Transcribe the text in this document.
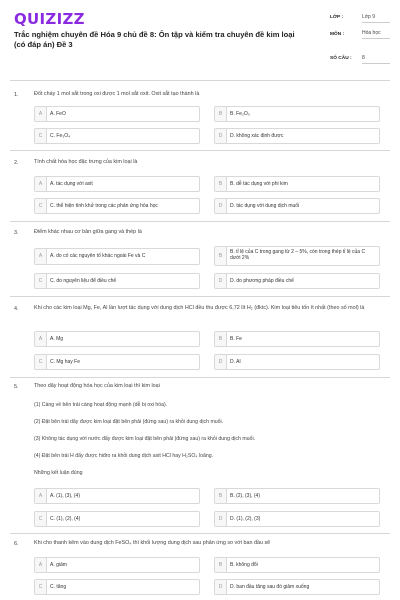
QUIZIZZ
Trắc nghiệm chuyên đề Hóa 9 chủ đề 8: Ôn tập và kiểm tra chuyên đề kim loại (có đáp án) Đề 3
LỚP :	Lớp 9
MÔN :	Hóa học
SỐ CÂU : 8
1.	Đốt cháy 1 mol sắt trong oxi được 1 mol sắt oxit. Oxit sắt tạo thành là
A	A. FeO	B	B. Fe₂O₃
C	C. Fe₃O₄	D	D. không xác định được
2.	Tính chất hóa học đặc trưng của kim loại là
A	A. tác dụng với axit	B	B. dễ tác dụng với phi kim
C	C. thể hiện tính khử trong các phản ứng hóa học	D	D. tác dụng với dung dịch muối
3.	Điểm khác nhau cơ bản giữa gang và thép là
A	A. do có các nguyên tố khác ngoài Fe và C	B
B. tỉ lệ của C trong gang từ 2 – 5%, còn trong thép tỉ lệ của C dưới 2%
C	C. do nguyên liệu để điều chế	D	D. do phương pháp điều chế
4.	Khi cho các kim loại Mg, Fe, Al lần lượt tác dụng với dung dịch HCl đều thu được 6,72 lít H₂ (đktc). Kim loại tiêu tốn ít nhất (theo số mol) là
A	A. Mg	B	B. Fe
C	C. Mg hay Fe	D	D. Al
5.	Theo dãy hoạt động hóa học của kim loại thì kim loại
(1) Càng về bên trái càng hoạt động mạnh (dễ bị oxi hóa).
(2) Đặt bên trái dãy được kim loại đặt bên phải (đứng sau) ra khỏi dung dịch muối.
(3) Không tác dụng với nước đẩy được kim loại đặt bên phải (đứng sau) ra khỏi dung dịch muối.
(4) Đặt bên trái H đẩy được hiđro ra khỏi dung dịch axit HCl hay H₂SO₄ loãng.
Những kết luận đúng
A	A. (1), (3), (4)	B	B. (2), (3), (4)
C	C. (1), (2), (4)	D	D. (1), (2), (3)
6.	Khi cho thanh kẽm vào dung dịch FeSO₄ thì khối lượng dung dịch sau phản ứng so với ban đầu sẽ
A	A. giảm	B	B. không đổi
C	C. tăng	D	D. ban đầu tăng sau đó giảm xuống
